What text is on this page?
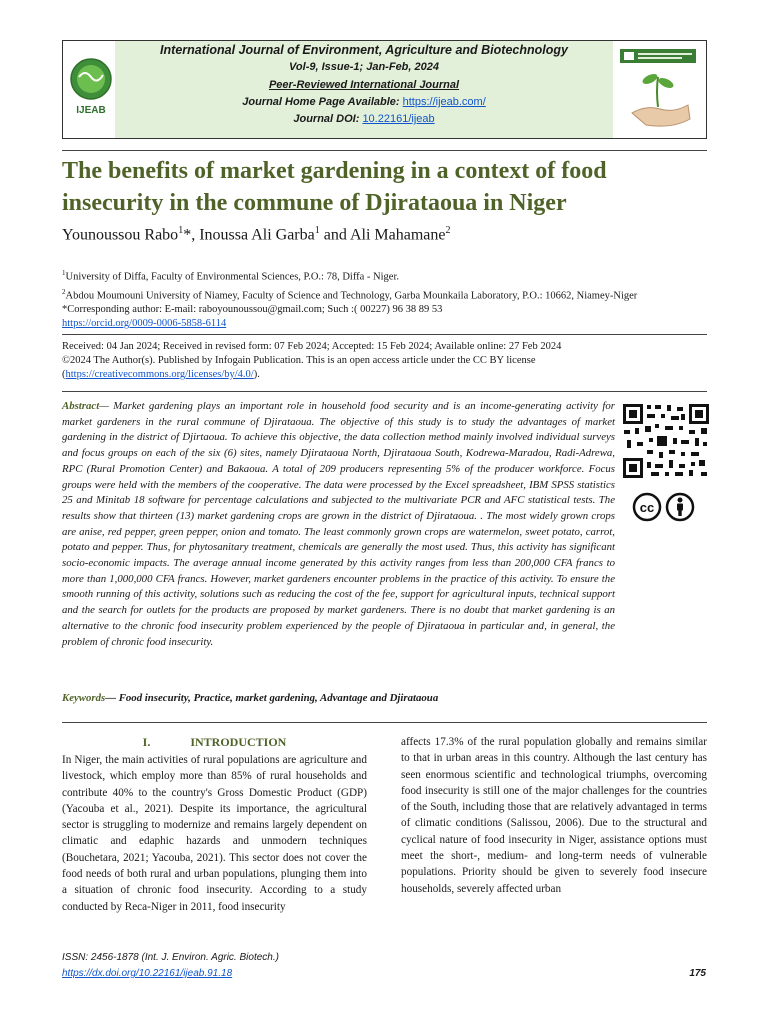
IJEAB
International Journal of Environment, Agriculture and Biotechnology
Vol-9, Issue-1; Jan-Feb, 2024
Peer-Reviewed International Journal
Journal Home Page Available: https://ijeab.com/
Journal DOI: 10.22161/ijeab
The benefits of market gardening in a context of food insecurity in the commune of Djirataoua in Niger
Younoussou Rabo$^1$*, Inoussa Ali Garba$^1$ and Ali Mahamane$^2$
$^1$University of Diffa, Faculty of Environmental Sciences, P.O.: 78, Diffa - Niger.
$^2$Abdou Moumouni University of Niamey, Faculty of Science and Technology, Garba Mounkaila Laboratory, P.O.: 10662, Niamey-Niger
*Corresponding author: E-mail: raboyounoussou@gmail.com; Such :( 00227) 96 38 89 53
https://orcid.org/0009-0006-5858-6114
Received: 04 Jan 2024; Received in revised form: 07 Feb 2024; Accepted: 15 Feb 2024; Available online: 27 Feb 2024
©2024 The Author(s). Published by Infogain Publication. This is an open access article under the CC BY license
(https://creativecommons.org/licenses/by/4.0/).
Abstract— Market gardening plays an important role in household food security and is an income-generating activity for market gardeners in the rural commune of Djirataoua. The objective of this study is to study the advantages of market gardening in the district of Djirtaoua. To achieve this objective, the data collection method mainly involved individual surveys and focus groups on each of the six (6) sites, namely Djirataoua North, Djirataoua South, Kodrewa-Maradou, Radi-Adrewa, RPC (Rural Promotion Center) and Bakaoua. A total of 209 producers representing 5% of the producer workforce. Focus groups were held with the members of the cooperative. The data were processed by the Excel spreadsheet, IBM SPSS statistics 25 and Minitab 18 software for percentage calculations and subjected to the multivariate PCR and AFC statistical tests. The results show that thirteen (13) market gardening crops are grown in the district of Djirataoua. . The most widely grown crops are anise, red pepper, green pepper, onion and tomato. The least commonly grown crops are watermelon, sweet potato, carrot, potato and pepper. Thus, for phytosanitary treatment, chemicals are generally the most used. Thus, this activity has significant socio-economic impacts. The average annual income generated by this activity ranges from less than 200,000 CFA francs to more than 1,000,000 CFA francs. However, market gardeners encounter problems in the practice of this activity. To ensure the smooth running of this activity, solutions such as reducing the cost of the fee, support for agricultural inputs, technical support and the search for outlets for the products are proposed by market gardeners. There is no doubt that market gardening is an alternative to the chronic food insecurity problem experienced by the people of Djirataoua in particular and, in general, the problem of chronic food insecurity.
cc
Keywords— Food insecurity, Practice, market gardening, Advantage and Djirataoua
I.	INTRODUCTION
In Niger, the main activities of rural populations are agriculture and livestock, which employ more than 85% of rural households and contribute 40% to the country's Gross Domestic Product (GDP) (Yacouba et al., 2021). Despite its importance, the agricultural sector is struggling to modernize and remains largely dependent on climatic and edaphic hazards and unmodern techniques (Bouchetara, 2021; Yacouba, 2021). This sector does not cover the food needs of both rural and urban populations, plunging them into a situation of chronic food insecurity. According to a study conducted by Reca-Niger in 2011, food insecurity
affects 17.3% of the rural population globally and remains similar to that in urban areas in this country. Although the last century has seen enormous scientific and technological triumphs, overcoming food insecurity is still one of the major challenges for the countries of the South, including those that are relatively advantaged in terms of climatic conditions (Salissou, 2006). Due to the structural and cyclical nature of food insecurity in Niger, assistance options must meet the short-, medium- and long-term needs of vulnerable populations. Priority should be given to severely food insecure households, severely affected urban
ISSN: 2456-1878 (Int. J. Environ. Agric. Biotech.)
https://dx.doi.org/10.22161/ijeab.91.18	175
